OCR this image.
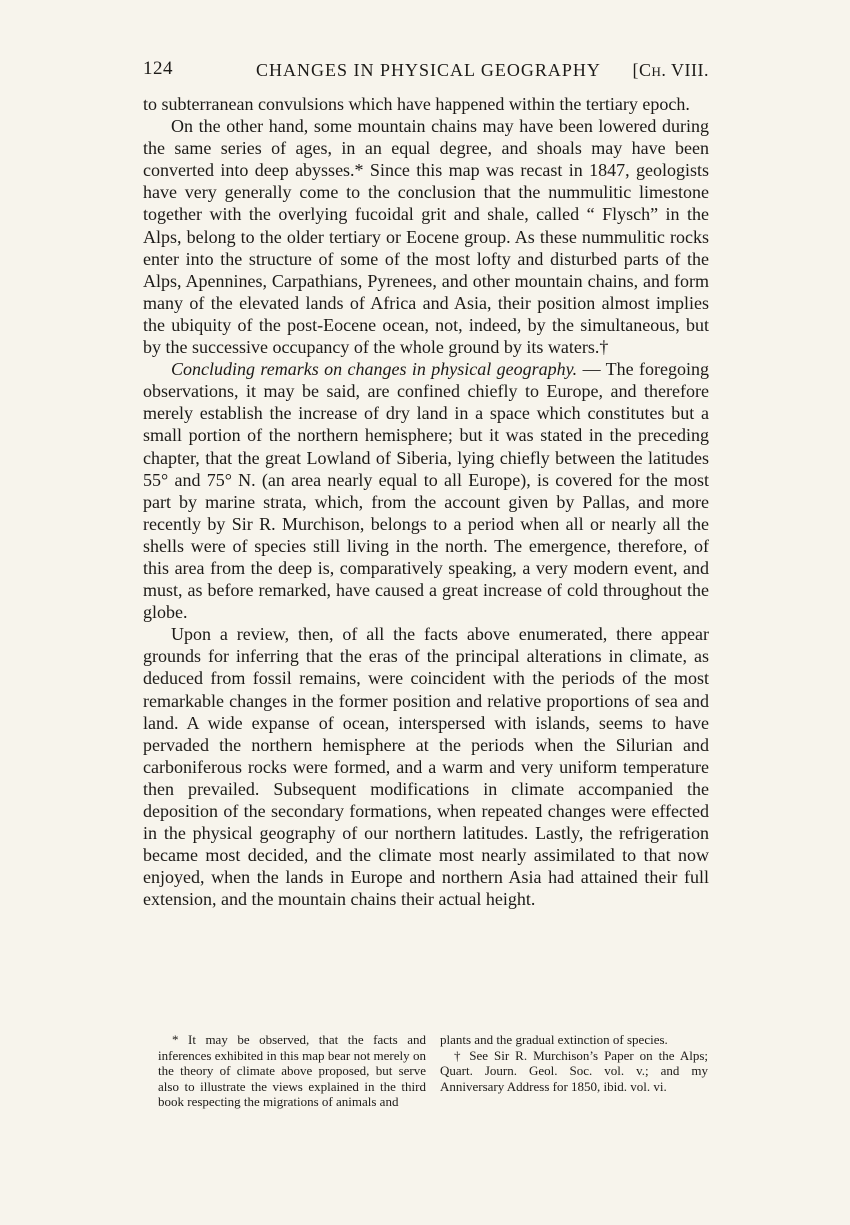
124	CHANGES IN PHYSICAL GEOGRAPHY [Ch. VIII.

to subterranean convulsions which have happened within the tertiary epoch.

On the other hand, some mountain chains may have been lowered during the same series of ages, in an equal degree, and shoals may have been converted into deep abysses.* Since this map was recast in 1847, geologists have very generally come to the conclusion that the nummulitic limestone together with the overlying fucoidal grit and shale, called “ Flysch” in the Alps, belong to the older tertiary or Eocene group. As these nummulitic rocks enter into the structure of some of the most lofty and disturbed parts of the Alps, Apennines, Carpathians, Pyrenees, and other mountain chains, and form many of the elevated lands of Africa and Asia, their position almost implies the ubiquity of the post-Eocene ocean, not, indeed, by the simultaneous, but by the successive occupancy of the whole ground by its waters.†

Concluding remarks on changes in physical geography. — The foregoing observations, it may be said, are confined chiefly to Europe, and therefore merely establish the increase of dry land in a space which constitutes but a small portion of the northern hemisphere; but it was stated in the preceding chapter, that the great Lowland of Siberia, lying chiefly between the latitudes 55° and 75° N. (an area nearly equal to all Europe), is covered for the most part by marine strata, which, from the account given by Pallas, and more recently by Sir R. Murchison, belongs to a period when all or nearly all the shells were of species still living in the north. The emergence, therefore, of this area from the deep is, comparatively speaking, a very modern event, and must, as before remarked, have caused a great increase of cold throughout the globe.

Upon a review, then, of all the facts above enumerated, there appear grounds for inferring that the eras of the principal alterations in climate, as deduced from fossil remains, were coincident with the periods of the most remarkable changes in the former position and relative proportions of sea and land. A wide expanse of ocean, interspersed with islands, seems to have pervaded the northern hemisphere at the periods when the Silurian and carboniferous rocks were formed, and a warm and very uniform temperature then prevailed. Subsequent modifications in climate accompanied the deposition of the secondary formations, when repeated changes were effected in the physical geography of our northern latitudes. Lastly, the refrigeration became most decided, and the climate most nearly assimilated to that now enjoyed, when the lands in Europe and northern Asia had attained their full extension, and the mountain chains their actual height.

* It may be observed, that the facts and inferences exhibited in this map bear not merely on the theory of climate above proposed, but serve also to illustrate the views explained in the third book respecting the migrations of animals and

plants and the gradual extinction of species.

† See Sir R. Murchison’s Paper on the Alps; Quart. Journ. Geol. Soc. vol. v.; and my Anniversary Address for 1850, ibid. vol. vi.
